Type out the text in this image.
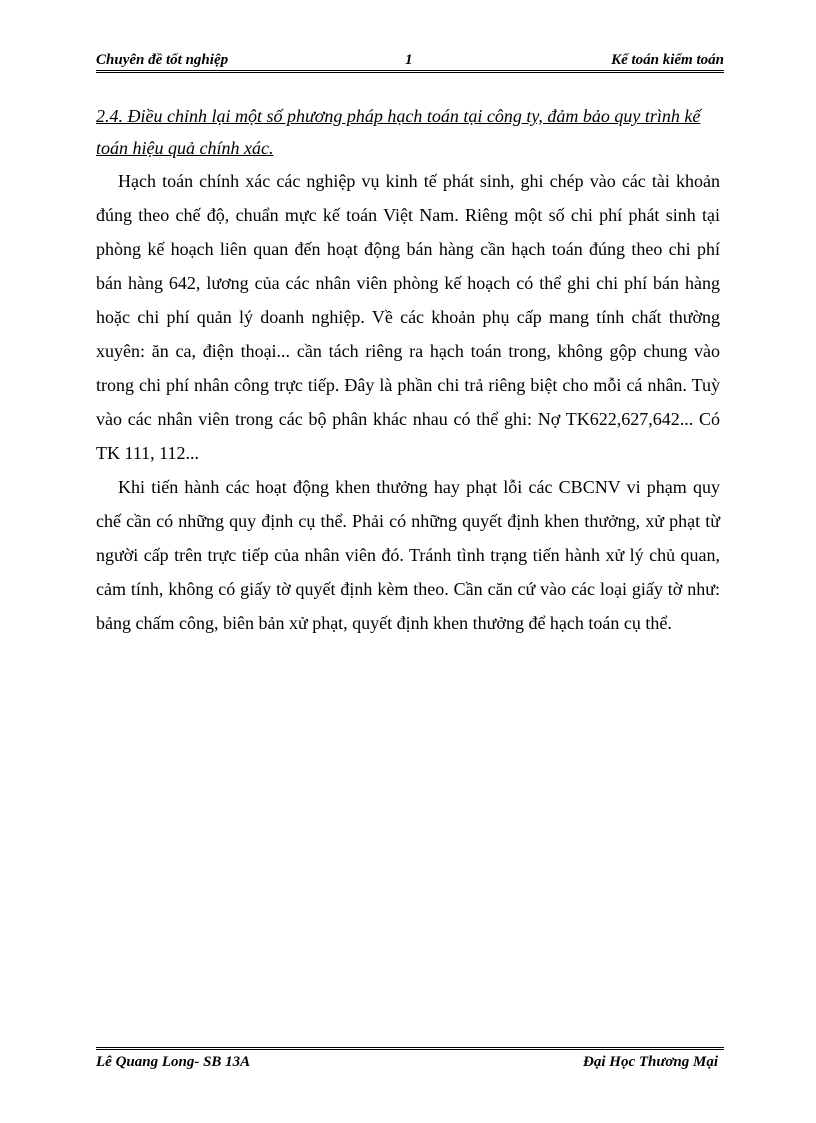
Chuyên đề tốt nghiệp	1	Kế toán kiểm toán

2.4. Điều chỉnh lại một số phương pháp hạch toán tại công ty, đảm bảo quy trình kế toán hiệu quả chính xác.

Hạch toán chính xác các nghiệp vụ kinh tế phát sinh, ghi chép vào các tài khoản đúng theo chế độ, chuẩn mực kế toán Việt Nam. Riêng một số chi phí phát sinh tại phòng kế hoạch liên quan đến hoạt động bán hàng cần hạch toán đúng theo chi phí bán hàng 642, lương của các nhân viên phòng kế hoạch có thể ghi chi phí bán hàng hoặc chi phí quản lý doanh nghiệp. Về các khoản phụ cấp mang tính chất thường xuyên: ăn ca, điện thoại... cần tách riêng ra hạch toán trong, không gộp chung vào trong chi phí nhân công trực tiếp. Đây là phần chi trả riêng biệt cho mỗi cá nhân. Tuỳ vào các nhân viên trong các bộ phân khác nhau có thể ghi: Nợ TK622,627,642... Có TK 111, 112...

Khi tiến hành các hoạt động khen thưởng hay phạt lỗi các CBCNV vi phạm quy chế cần có những quy định cụ thể. Phải có những quyết định khen thưởng, xử phạt từ người cấp trên trực tiếp của nhân viên đó. Tránh tình trạng tiến hành xử lý chủ quan, cảm tính, không có giấy tờ quyết định kèm theo. Cần căn cứ vào các loại giấy tờ như: bảng chấm công, biên bản xử phạt, quyết định khen thưởng để hạch toán cụ thể.

Lê Quang Long- SB 13A	Đại Học Thương Mại
